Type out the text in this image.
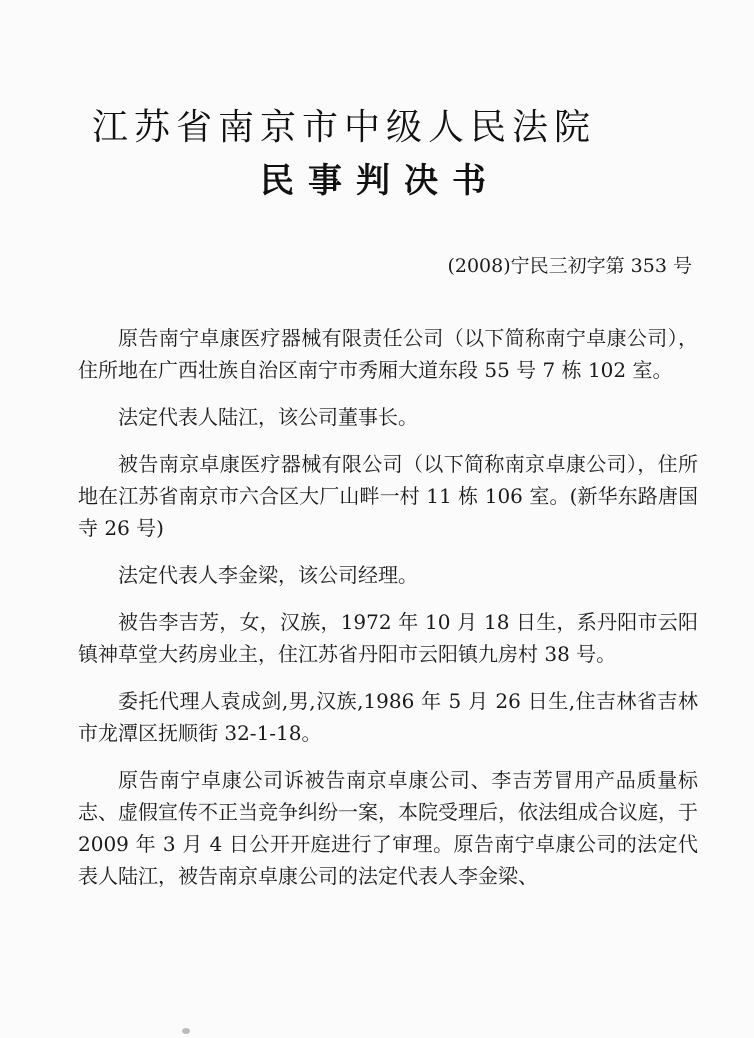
江苏省南京市中级人民法院
民事判决书
(2008)宁民三初字第 353 号

原告南宁卓康医疗器械有限责任公司（以下简称南宁卓康公司），住所地在广西壮族自治区南宁市秀厢大道东段 55 号 7 栋 102 室。

法定代表人陆江，该公司董事长。

被告南京卓康医疗器械有限公司（以下简称南京卓康公司），住所地在江苏省南京市六合区大厂山畔一村 11 栋 106 室。(新华东路唐国寺 26 号)

法定代表人李金梁，该公司经理。

被告李吉芳，女，汉族，1972 年 10 月 18 日生，系丹阳市云阳镇神草堂大药房业主，住江苏省丹阳市云阳镇九房村 38 号。

委托代理人袁成剑,男,汉族,1986 年 5 月 26 日生,住吉林省吉林市龙潭区抚顺街 32-1-18。

原告南宁卓康公司诉被告南京卓康公司、李吉芳冒用产品质量标志、虚假宣传不正当竞争纠纷一案，本院受理后，依法组成合议庭，于 2009 年 3 月 4 日公开开庭进行了审理。原告南宁卓康公司的法定代表人陆江，被告南京卓康公司的法定代表人李金梁、
